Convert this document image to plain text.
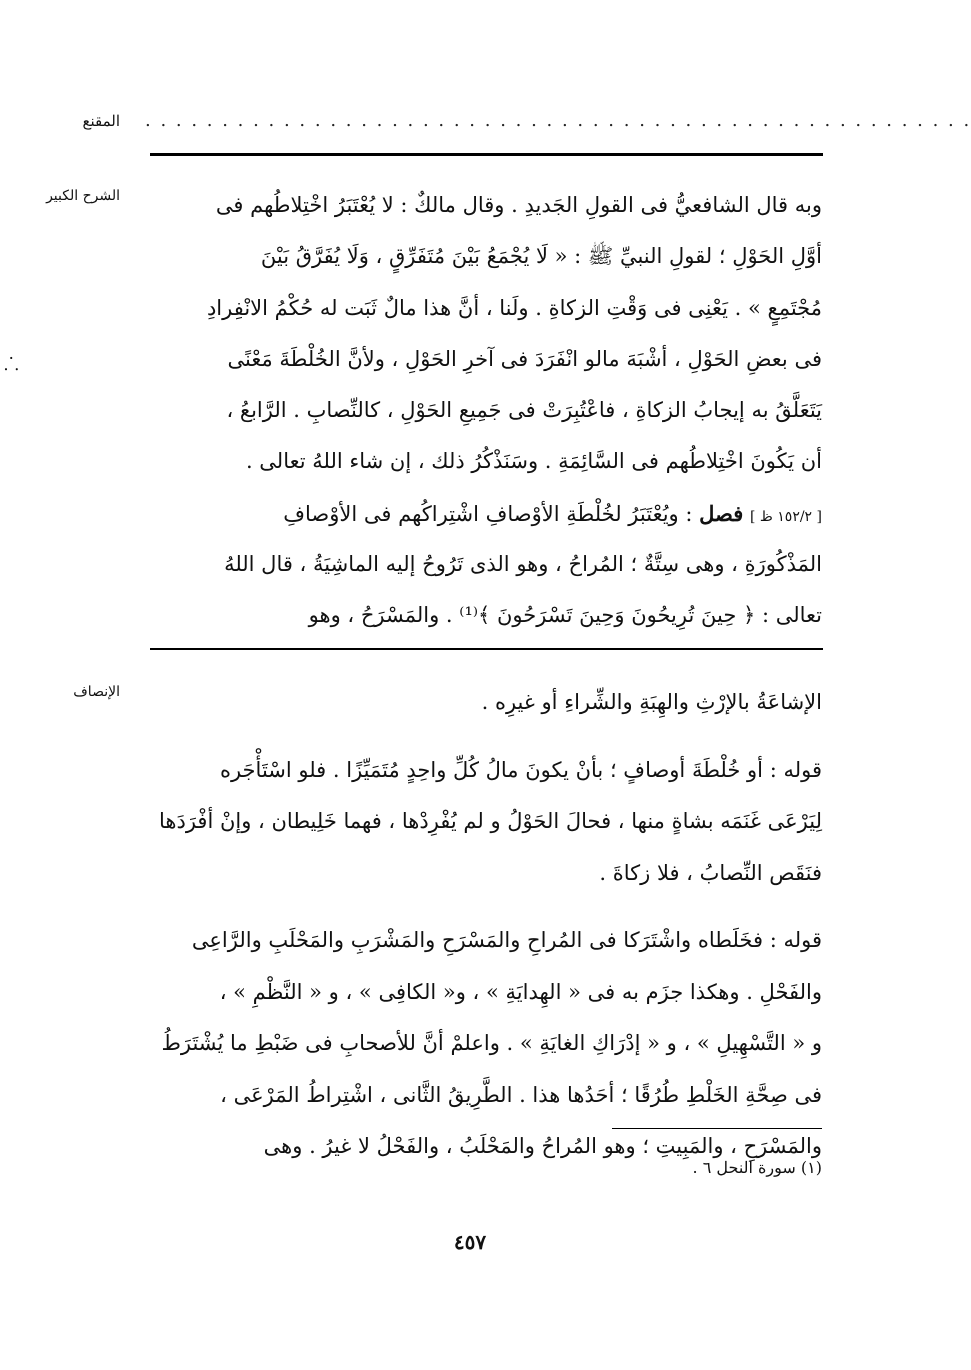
المقنع . . . . . . . . . . . . . . . . . . . . . . . . . . . . . . . . . . . . . . . . . . . . . . . . . . . . . .
الشرح الكبير
⸫
وبه قال الشافعيُّ فى القولِ الجَديدِ . وقال مالكٌ : لا يُعْتَبَرُ اخْتِلاطُهم فى
أوَّلِ الحَوْلِ ؛ لقولِ النبيِّ ﷺ : « لَا يُجْمَعُ بَيْنَ مُتَفَرِّقٍ ، وَلَا يُفَرَّقُ بَيْنَ
مُجْتَمِعٍ » . يَعْنِى فى وَقْتِ الزكاةِ . ولَنا ، أنَّ هذا مالٌ ثَبَت له حُكْمُ الانْفِرادِ
فى بعضِ الحَوْلِ ، أشْبَهَ مالو انْفَرَدَ فى آخرِ الحَوْلِ ، ولأنَّ الخُلْطَةَ مَعْنًى
يَتَعَلَّقُ به إيجابُ الزكاةِ ، فاعْتُبِرَتْ فى جَمِيعِ الحَوْلِ ، كالنِّصابِ . الرَّابعُ ،
أن يَكُونَ اخْتِلاطُهم فى السَّائِمَةِ . وسَنَذْكُرُ ذلك ، إن شاء اللهُ تعالى .
[ ١٥٢/٢ ظ ] فصل : ويُعْتَبَرُ لخُلْطَةِ الأوْصافِ اشْتِراكُهم فى الأوْصافِ
المَذْكُورَةِ ، وهى سِتَّةٌ ؛ المُراحُ ، وهو الذى تَرُوحُ إليه الماشِيَةُ ، قال اللهُ
تعالى : ﴿ حِينَ تُرِيحُونَ وَحِينَ تَسْرَحُونَ ﴾⁽¹⁾ . والمَسْرَحُ ، وهو
الإنصاف	الإشاعَةُ بالإرْثِ والهِبَةِ والشِّراءِ أو غيرِه .
قوله : أو خُلْطَةَ أوصافٍ ؛ بأنْ يكونَ مالُ كُلِّ واحِدٍ مُتَمَيِّزًا . فلو اسْتَأْجَره
لِيَرْعَى غَنَمَه بشاةٍ منها ، فحالَ الحَوْلُ و لم يُفْرِدْها ، فهما خَلِيطان ، وإنْ أفْرَدَها
فنَقَص النِّصابُ ، فلا زكاةَ .
قوله : فخَلَطاه واشْتَرَكا فى المُراحِ والمَسْرَحِ والمَشْرَبِ والمَحْلَبِ والرَّاعِى
والفَحْلِ . وهكذا جزَم به فى « الهِدايَةِ » ، و« الكافِى » ، و « النَّظْمِ » ،
و « التَّسْهِيلِ » ، و « إدْرَاكِ الغايَةِ » . واعلمْ أنَّ للأصحابِ فى ضَبْطِ ما يُشْتَرَطُ
فى صِحَّةِ الخَلْطِ طُرُقًا ؛ أحَدُها هذا . الطَّرِيقُ الثَّانى ، اشْتِراطُ المَرْعَى ،
والمَسْرَحِ ، والمَبِيتِ ؛ وهو المُراحُ والمَحْلَبُ ، والفَحْلُ لا غيرُ . وهى
(١) سورة النحل ٦ .
٤٥٧
